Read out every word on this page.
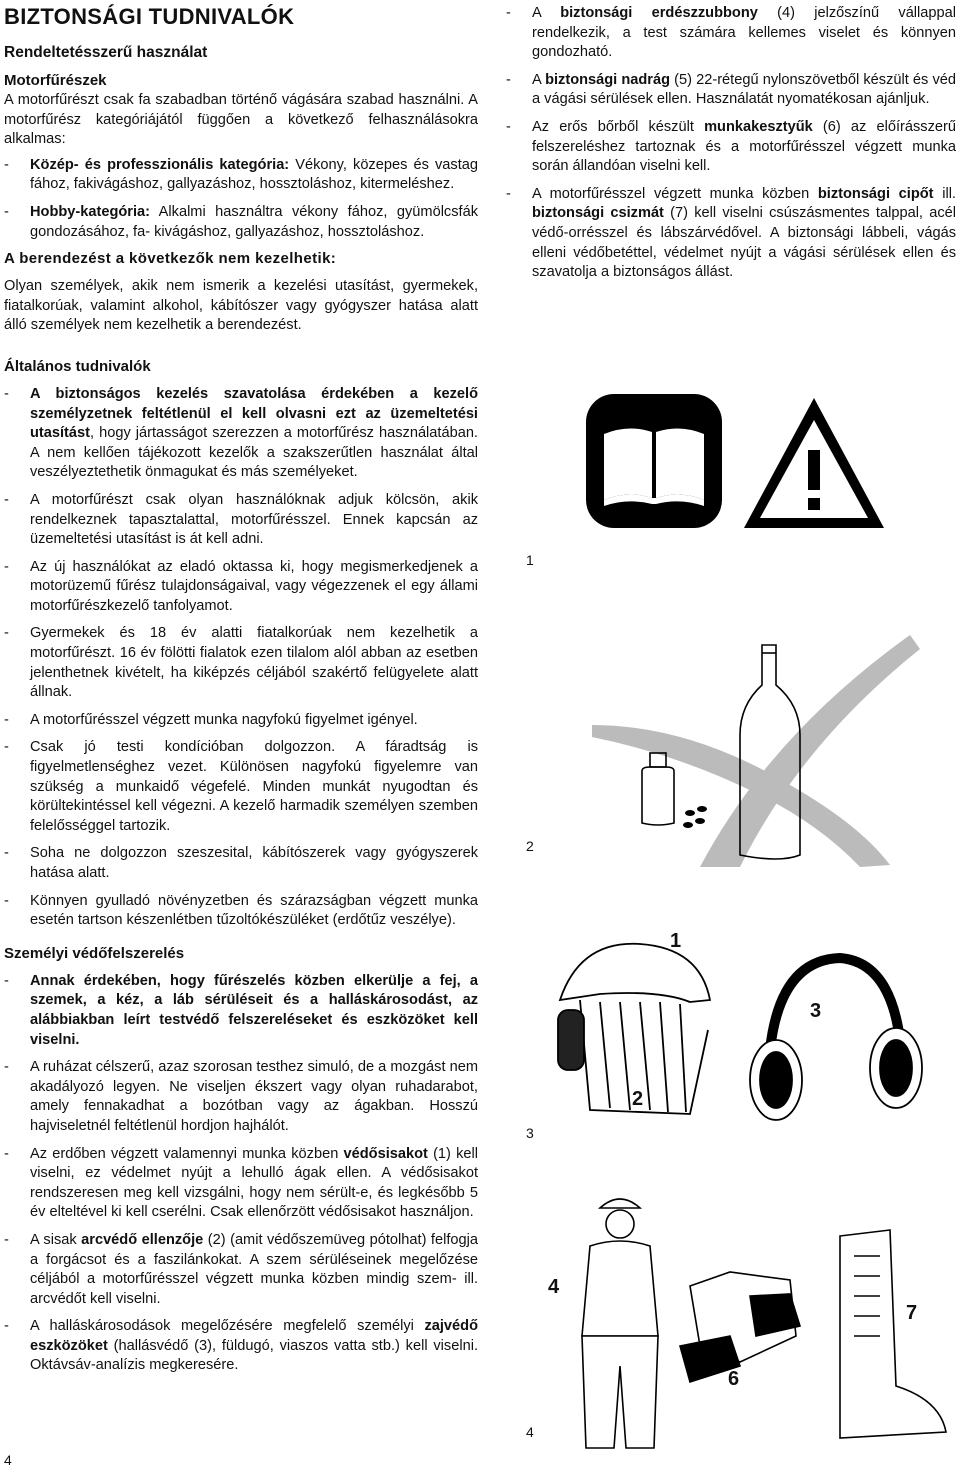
BIZTONSÁGI TUDNIVALÓK
Rendeltetésszerű használat
Motorfűrészek

A motorfűrészt csak fa szabadban történő vágására szabad használni. A motorfűrész kategóriájától függően a következő felhasználásokra alkalmas:

- Közép- és professzionális kategória: Vékony, közepes és vastag fához, fakivágáshoz, gallyazáshoz, hossztoláshoz, kitermeléshez.
- Hobby-kategória: Alkalmi használtra vékony fához, gyümölcsfák gondozásához, fa- kivágáshoz, gallyazáshoz, hossztoláshoz.
A berendezést a következők nem kezelhetik:

Olyan személyek, akik nem ismerik a kezelési utasítást, gyermekek, fiatalkorúak, valamint alkohol, kábítószer vagy gyógyszer hatása alatt álló személyek nem kezelhetik a berendezést.

Általános tudnivalók
- A biztonságos kezelés szavatolása érdekében a kezelő személyzetnek feltétlenül el kell olvasni ezt az üzemeltetési utasítást, hogy jártasságot szerezzen a motorfűrész használatában. A nem kellően tájékozott kezelők a szakszerűtlen használat által veszélyeztethetik önmagukat és más személyeket.
- A motorfűrészt csak olyan használóknak adjuk kölcsön, akik rendelkeznek tapasztalattal, motorfűrésszel. Ennek kapcsán az üzemeltetési utasítást is át kell adni.
- Az új használókat az eladó oktassa ki, hogy megismerkedjenek a motorüzemű fűrész tulajdonságaival, vagy végezzenek el egy állami motorfűrészkezelő tanfolyamot.
- Gyermekek és 18 év alatti fiatalkorúak nem kezelhetik a motorfűrészt. 16 év fölötti fialatok ezen tilalom alól abban az esetben jelenthetnek kivételt, ha kiképzés céljából szakértő felügyelete alatt állnak.
- A motorfűrésszel végzett munka nagyfokú figyelmet igényel.
- Csak jó testi kondícióban dolgozzon. A fáradtság is figyelmetlenséghez vezet. Különösen nagyfokú figyelemre van szükség a munkaidő végefelé. Minden munkát nyugodtan és körültekintéssel kell végezni. A kezelő harmadik személyen szemben felelősséggel tartozik.
- Soha ne dolgozzon szeszesital, kábítószerek vagy gyógyszerek hatása alatt.
- Könnyen gyulladó növényzetben és szárazságban végzett munka esetén tartson készenlétben tűzoltókészüléket (erdőtűz veszélye).
Személyi védőfelszerelés
- Annak érdekében, hogy fűrészelés közben elkerülje a fej, a szemek, a kéz, a láb sérüléseit és a halláskárosodást, az alábbiakban leírt testvédő felszereléseket és eszközöket kell viselni.
- A ruházat célszerű, azaz szorosan testhez simuló, de a mozgást nem akadályozó legyen. Ne viseljen ékszert vagy olyan ruhadarabot, amely fennakadhat a bozótban vagy az ágakban. Hosszú hajviseletnél feltétlenül hordjon hajhálót.
- Az erdőben végzett valamennyi munka közben védősisakot (1) kell viselni, ez védelmet nyújt a lehulló ágak ellen. A védősisakot rendszeresen meg kell vizsgálni, hogy nem sérült-e, és legkésőbb 5 év elteltével ki kell cserélni. Csak ellenőrzött védősisakot használjon.
- A sisak arcvédő ellenzője (2) (amit védőszemüveg pótolhat) felfogja a forgácsot és a faszilánkokat. A szem sérüléseinek megelőzése céljából a motorfűrésszel végzett munka közben mindig szem- ill. arcvédőt kell viselni.
- A halláskárosodások megelőzésére megfelelő személyi zajvédő eszközöket (hallásvédő (3), füldugó, viaszos vatta stb.) kell viselni. Oktávsáv-analízis megkeresére.
- A biztonsági erdészzubbony (4) jelzőszínű vállappal rendelkezik, a test számára kellemes viselet és könnyen gondozható.
- A biztonsági nadrág (5) 22-rétegű nylonszövetből készült és véd a vágási sérülések ellen. Használatát nyomatékosan ajánljuk.
- Az erős bőrből készült munkakesztyűk (6) az előírásszerű felszereléshez tartoznak és a motorfűrésszel végzett munka során állandóan viselni kell.
- A motorfűrésszel végzett munka közben biztonsági cipőt ill. biztonsági csizmát (7) kell viselni csúszásmentes talppal, acél védő-orrésszel és lábszárvédővel. A biztonsági lábbeli, vágás elleni védőbetéttel, védelmet nyújt a vágási sérülések ellen és szavatolja a biztonságos állást.
1
2
3
1
2
3
4
4
6
7
4
